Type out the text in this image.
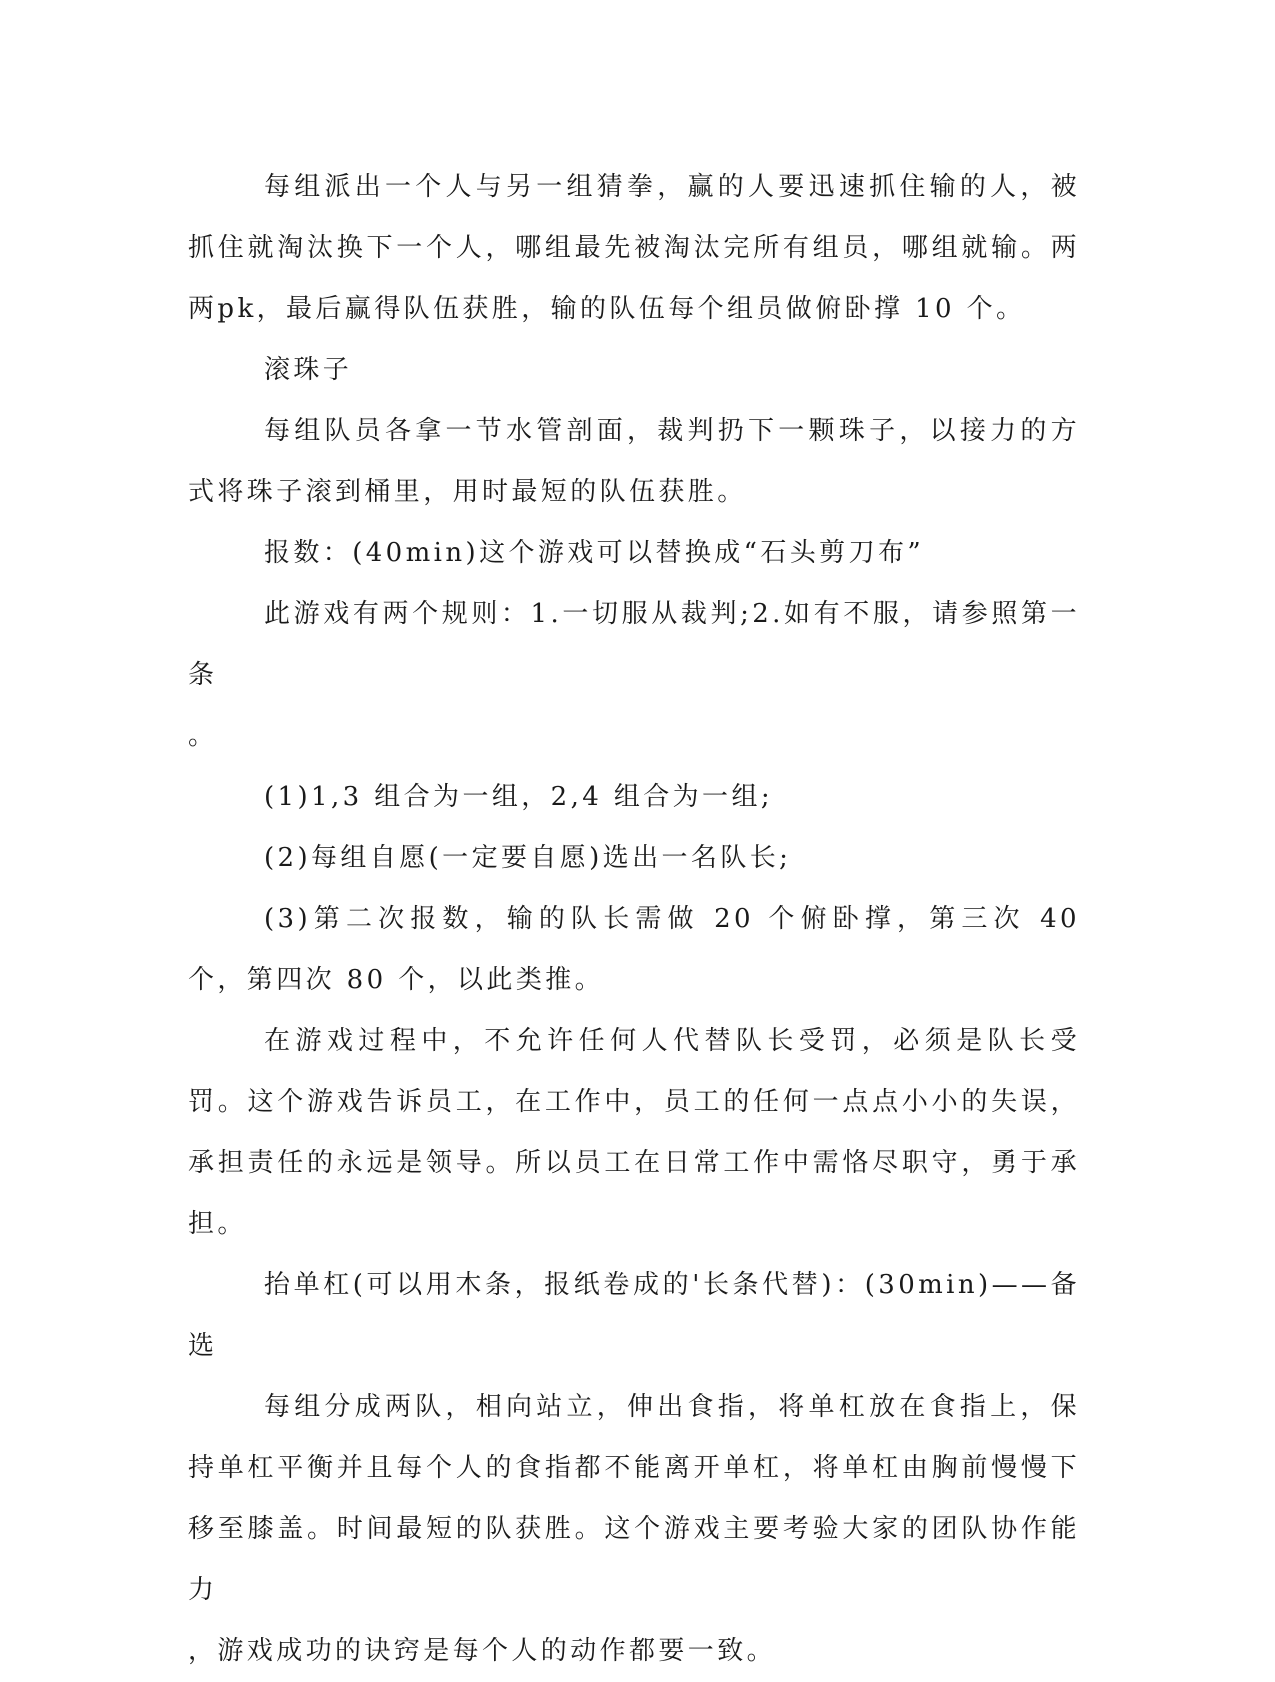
每组派出一个人与另一组猜拳，赢的人要迅速抓住输的人，被抓住就淘汰换下一个人，哪组最先被淘汰完所有组员，哪组就输。两两pk，最后赢得队伍获胜，输的队伍每个组员做俯卧撑 10 个。

滚珠子

每组队员各拿一节水管剖面，裁判扔下一颗珠子，以接力的方式将珠子滚到桶里，用时最短的队伍获胜。

报数：(40min)这个游戏可以替换成“石头剪刀布”

此游戏有两个规则：1.一切服从裁判;2.如有不服，请参照第一条

。

(1)1,3 组合为一组，2,4 组合为一组;

(2)每组自愿(一定要自愿)选出一名队长;

(3)第二次报数，输的队长需做 20 个俯卧撑，第三次 40 个，第四次 80 个，以此类推。

在游戏过程中，不允许任何人代替队长受罚，必须是队长受罚。这个游戏告诉员工，在工作中，员工的任何一点点小小的失误，承担责任的永远是领导。所以员工在日常工作中需恪尽职守，勇于承担。

抬单杠(可以用木条，报纸卷成的'长条代替)：(30min)——备选

每组分成两队，相向站立，伸出食指，将单杠放在食指上，保持单杠平衡并且每个人的食指都不能离开单杠，将单杠由胸前慢慢下移至膝盖。时间最短的队获胜。这个游戏主要考验大家的团队协作能力

，游戏成功的诀窍是每个人的动作都要一致。
